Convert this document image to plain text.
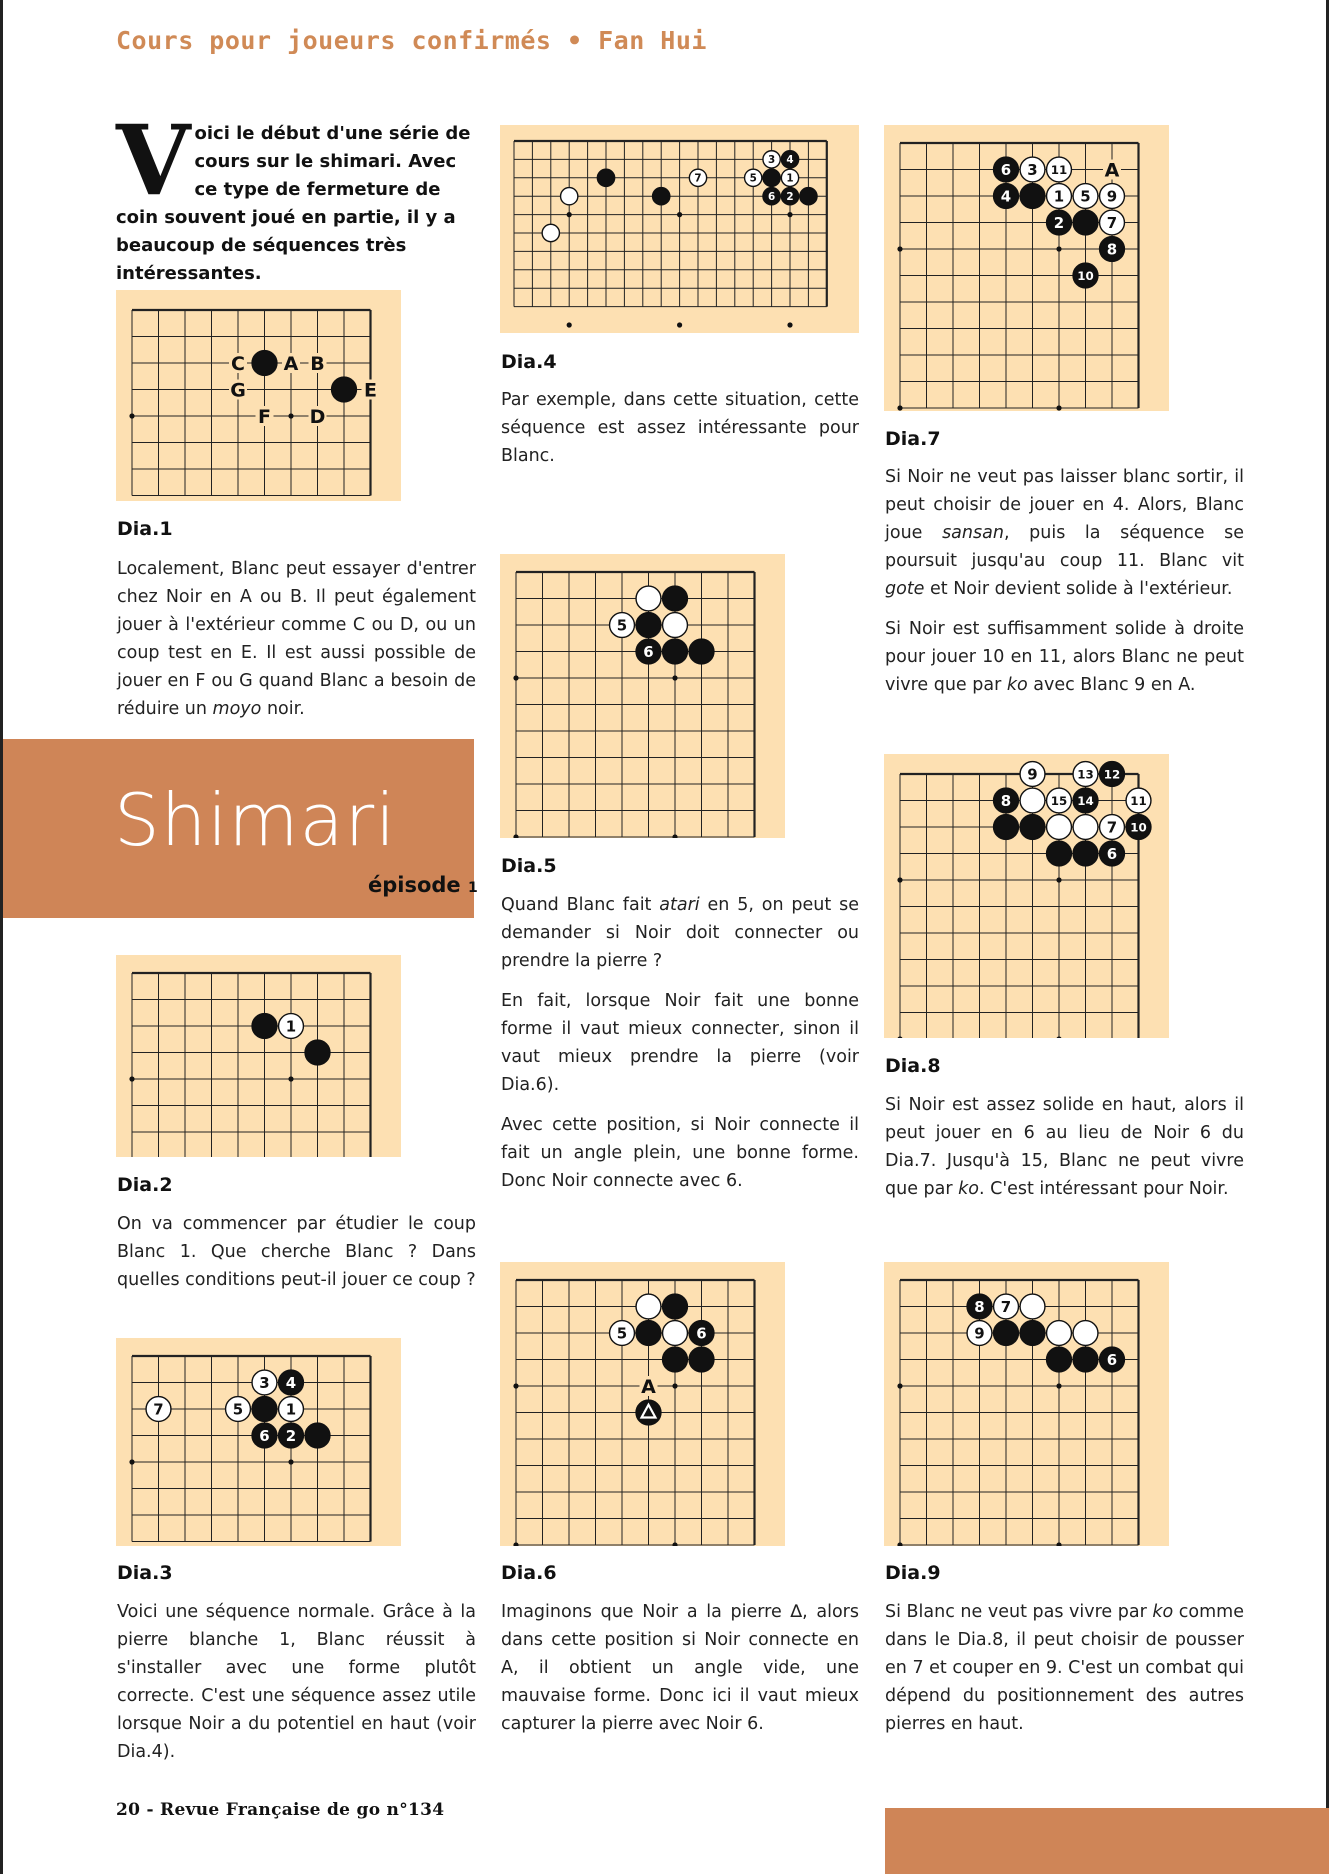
Cours pour joueurs confirmés • Fan Hui
Voici le début d'une série de cours sur le shimari. Avec ce type de fermeture de coin souvent joué en partie, il y a beaucoup de séquences très intéressantes.
C A B
G	E
F D
Dia.1

Localement, Blanc peut essayer d'entrer chez Noir en A ou B. Il peut également jouer à l'extérieur comme C ou D, ou un coup test en E. Il est aussi possible de jouer en F ou G quand Blanc a besoin de réduire un moyo noir.

Shimari
épisode 1
1
Dia.2

On va commencer par étudier le coup Blanc 1. Que cherche Blanc ? Dans quelles conditions peut-il jouer ce coup ?

3 4
7	5	1
6 2
Dia.3

Voici une séquence normale. Grâce à la pierre blanche 1, Blanc réussit à s'installer avec une forme plutôt correcte. C'est une séquence assez utile lorsque Noir a du potentiel en haut (voir Dia.4).

3 4
5	1
6 2
7
Dia.4

Par exemple, dans cette situation, cette séquence est assez intéressante pour Blanc.

5
6
Dia.5

Quand Blanc fait atari en 5, on peut se demander si Noir doit connecter ou prendre la pierre ?

En fait, lorsque Noir fait une bonne forme il vaut mieux connecter, sinon il vaut mieux prendre la pierre (voir Dia.6).

Avec cette position, si Noir connecte il fait un angle plein, une bonne forme. Donc Noir connecte avec 6.

5	6
A
Dia.6

Imaginons que Noir a la pierre ∆, alors dans cette position si Noir connecte en A, il obtient un angle vide, une mauvaise forme. Donc ici il vaut mieux capturer la pierre avec Noir 6.

6 3 11
4	1 5 9
2	7
8
10
A
Dia.7

Si Noir ne veut pas laisser blanc sortir, il peut choisir de jouer en 4. Alors, Blanc joue sansan, puis la séquence se poursuit jusqu'au coup 11. Blanc vit gote et Noir devient solide à l'extérieur.

Si Noir est suffisamment solide à droite pour jouer 10 en 11, alors Blanc ne peut vivre que par ko avec Blanc 9 en A.

9	13 12
8	15 14	11
7 10
6
Dia.8

Si Noir est assez solide en haut, alors il peut jouer en 6 au lieu de Noir 6 du Dia.7. Jusqu'à 15, Blanc ne peut vivre que par ko. C'est intéressant pour Noir.

8 7
9
6
Dia.9

Si Blanc ne veut pas vivre par ko comme dans le Dia.8, il peut choisir de pousser en 7 et couper en 9. C'est un combat qui dépend du positionnement des autres pierres en haut.

20 - Revue Française de go n°134
